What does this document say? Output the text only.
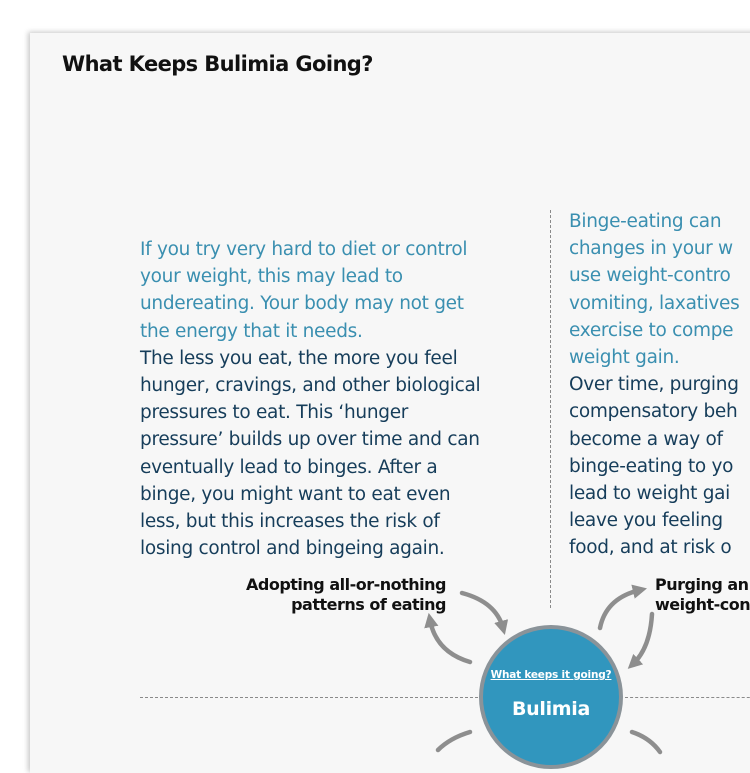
What Keeps Bulimia Going?
If you try very hard to diet or control
your weight, this may lead to
undereating. Your body may not get
the energy that it needs.
The less you eat, the more you feel
hunger, cravings, and other biological
pressures to eat. This ‘hunger
pressure’ builds up over time and can
eventually lead to binges. After a
binge, you might want to eat even
less, but this increases the risk of
losing control and bingeing again.
Binge-eating can
changes in your w
use weight-contro
vomiting, laxatives
exercise to compe
weight gain.
Over time, purging
compensatory beh
become a way of
binge-eating to yo
lead to weight gai
leave you feeling
food, and at risk o
Adopting all-or-nothing
patterns of eating
Purging an
weight-con
What keeps it going?
Bulimia
